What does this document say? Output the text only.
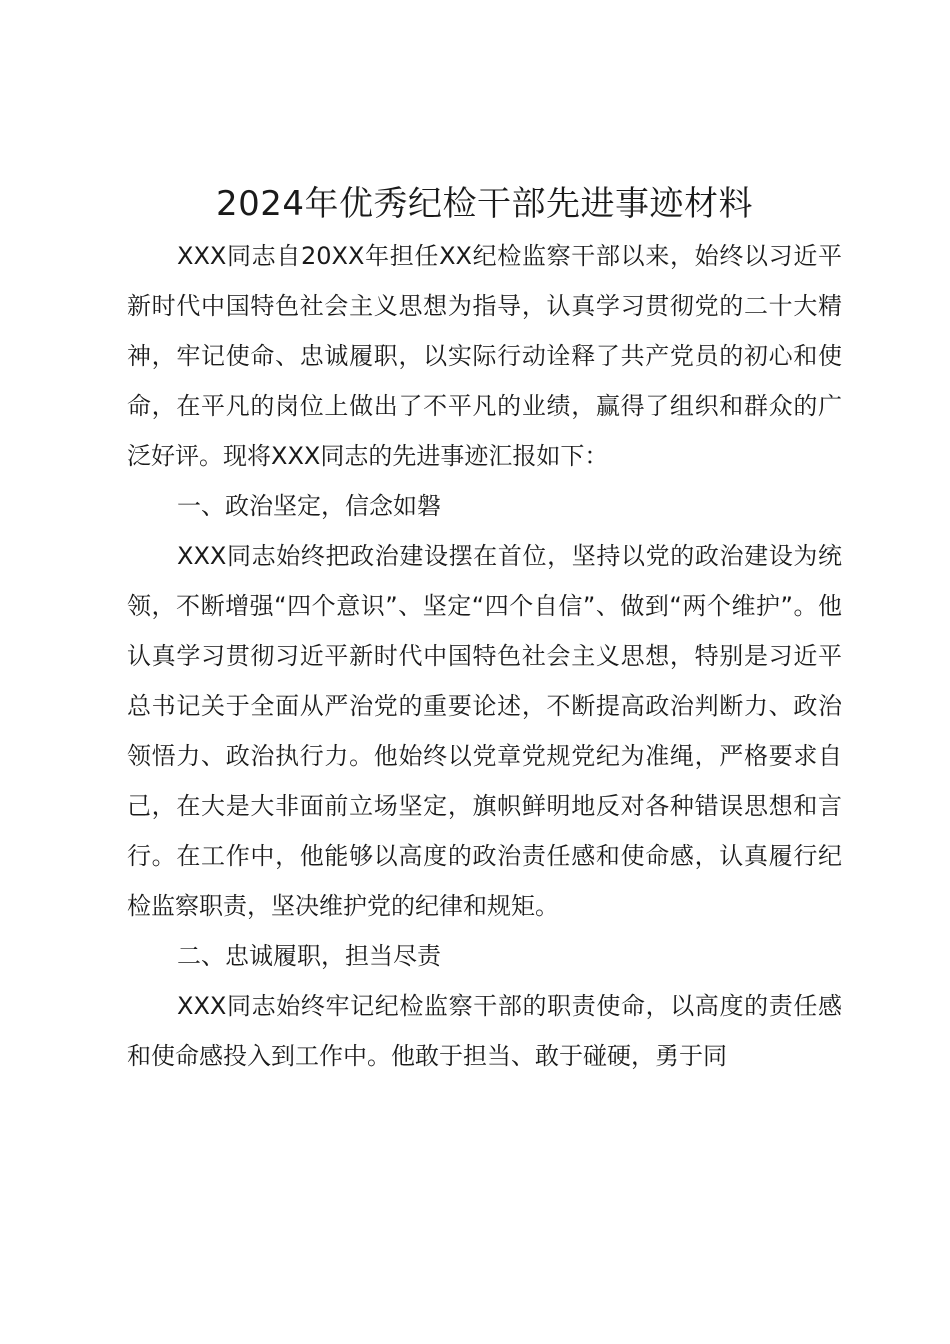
2024年优秀纪检干部先进事迹材料

XXX同志自20XX年担任XX纪检监察干部以来，始终以习近平新时代中国特色社会主义思想为指导，认真学习贯彻党的二十大精神，牢记使命、忠诚履职，以实际行动诠释了共产党员的初心和使命，在平凡的岗位上做出了不平凡的业绩，赢得了组织和群众的广泛好评。现将XXX同志的先进事迹汇报如下：

一、政治坚定，信念如磐

XXX同志始终把政治建设摆在首位，坚持以党的政治建设为统领，不断增强“四个意识”、坚定“四个自信”、做到“两个维护”。他认真学习贯彻习近平新时代中国特色社会主义思想，特别是习近平总书记关于全面从严治党的重要论述，不断提高政治判断力、政治领悟力、政治执行力。他始终以党章党规党纪为准绳，严格要求自己，在大是大非面前立场坚定，旗帜鲜明地反对各种错误思想和言行。在工作中，他能够以高度的政治责任感和使命感，认真履行纪检监察职责，坚决维护党的纪律和规矩。

二、忠诚履职，担当尽责

XXX同志始终牢记纪检监察干部的职责使命，以高度的责任感和使命感投入到工作中。他敢于担当、敢于碰硬，勇于同
